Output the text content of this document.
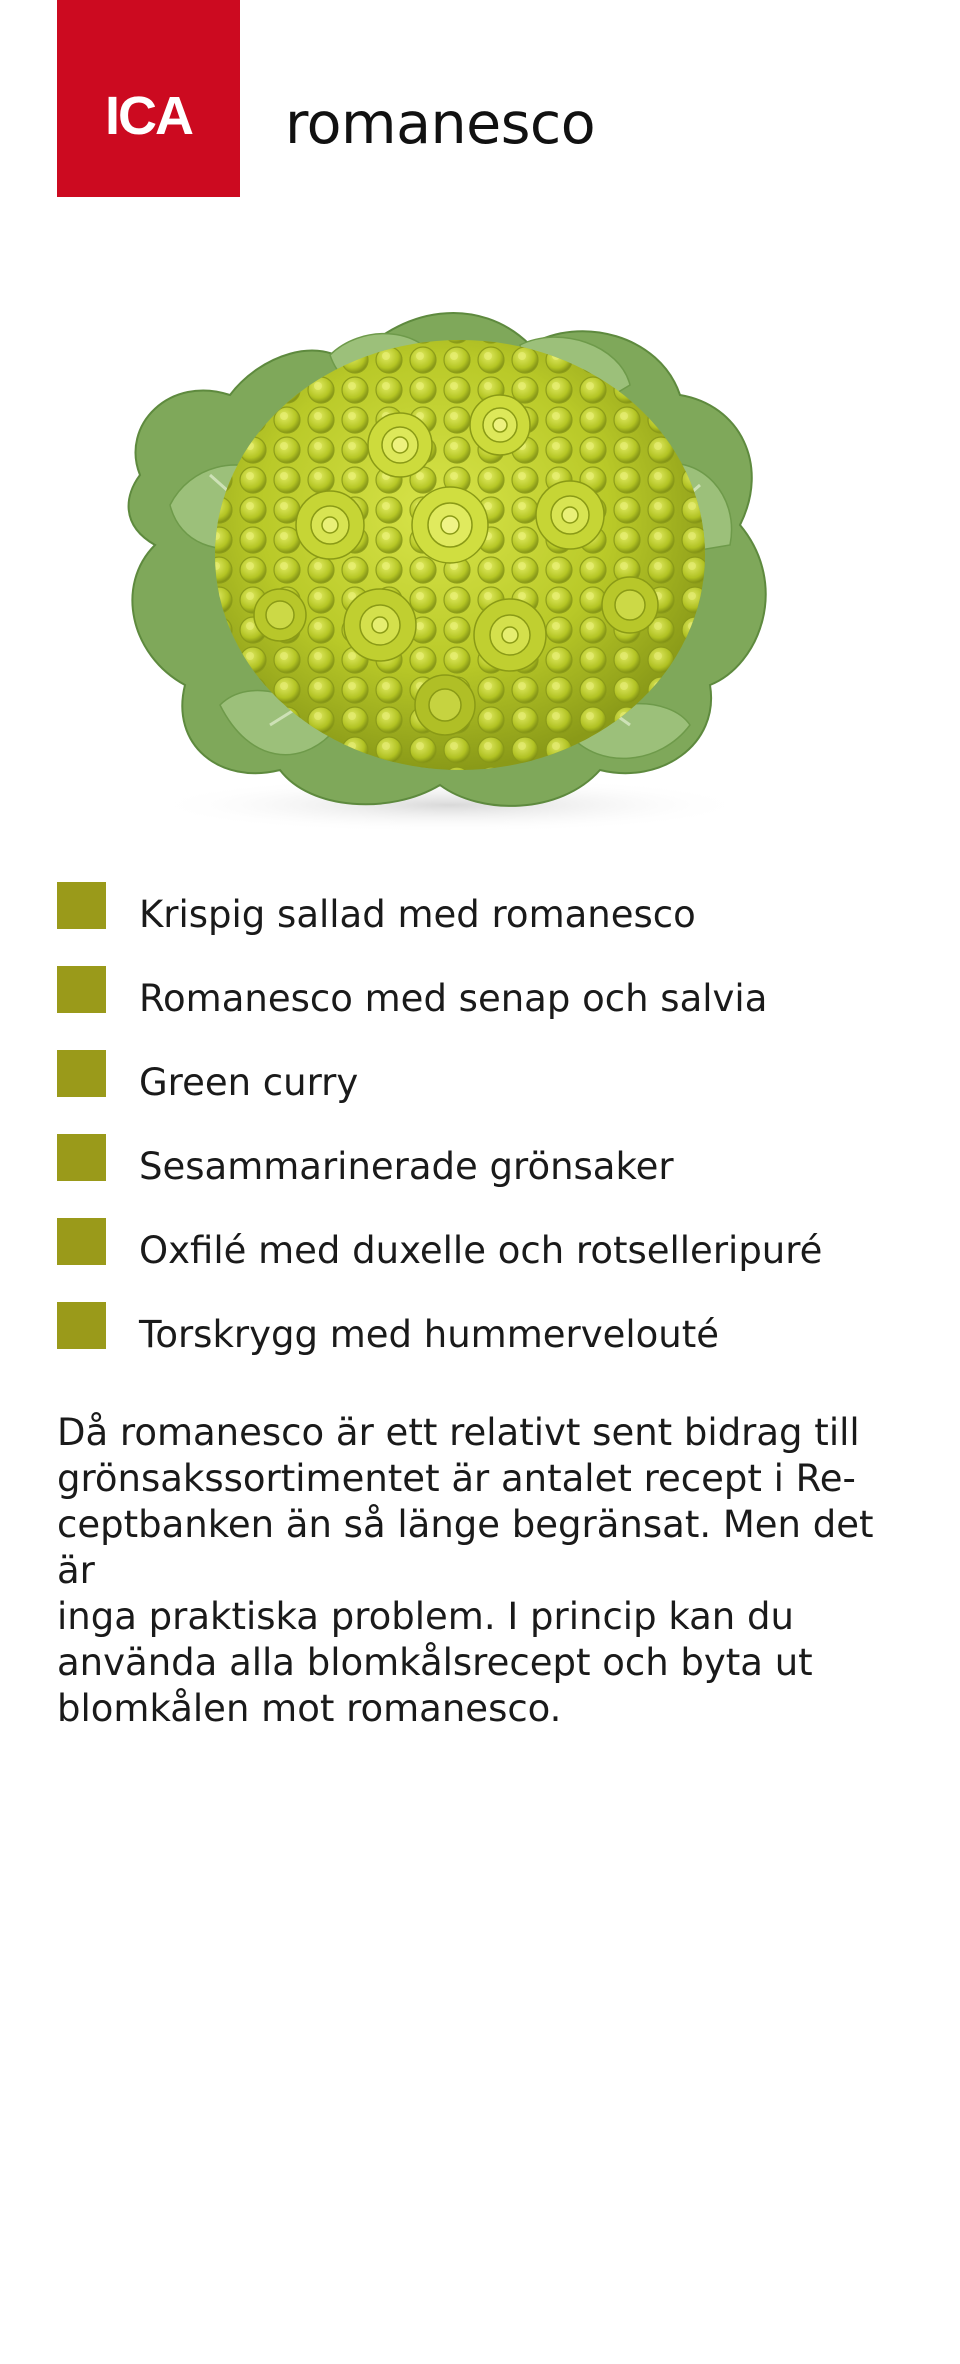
ICA romanesco
Krispig sallad med romanesco
Romanesco med senap och salvia
Green curry
Sesammarinerade grönsaker
Oxfilé med duxelle och rotselleripuré
Torskrygg med hummervelouté

Då romanesco är ett relativt sent bidrag till
grönsakssortimentet är antalet recept i Re-
ceptbanken än så länge begränsat. Men det är
inga praktiska problem. I princip kan du
använda alla blomkålsrecept och byta ut
blomkålen mot romanesco.
